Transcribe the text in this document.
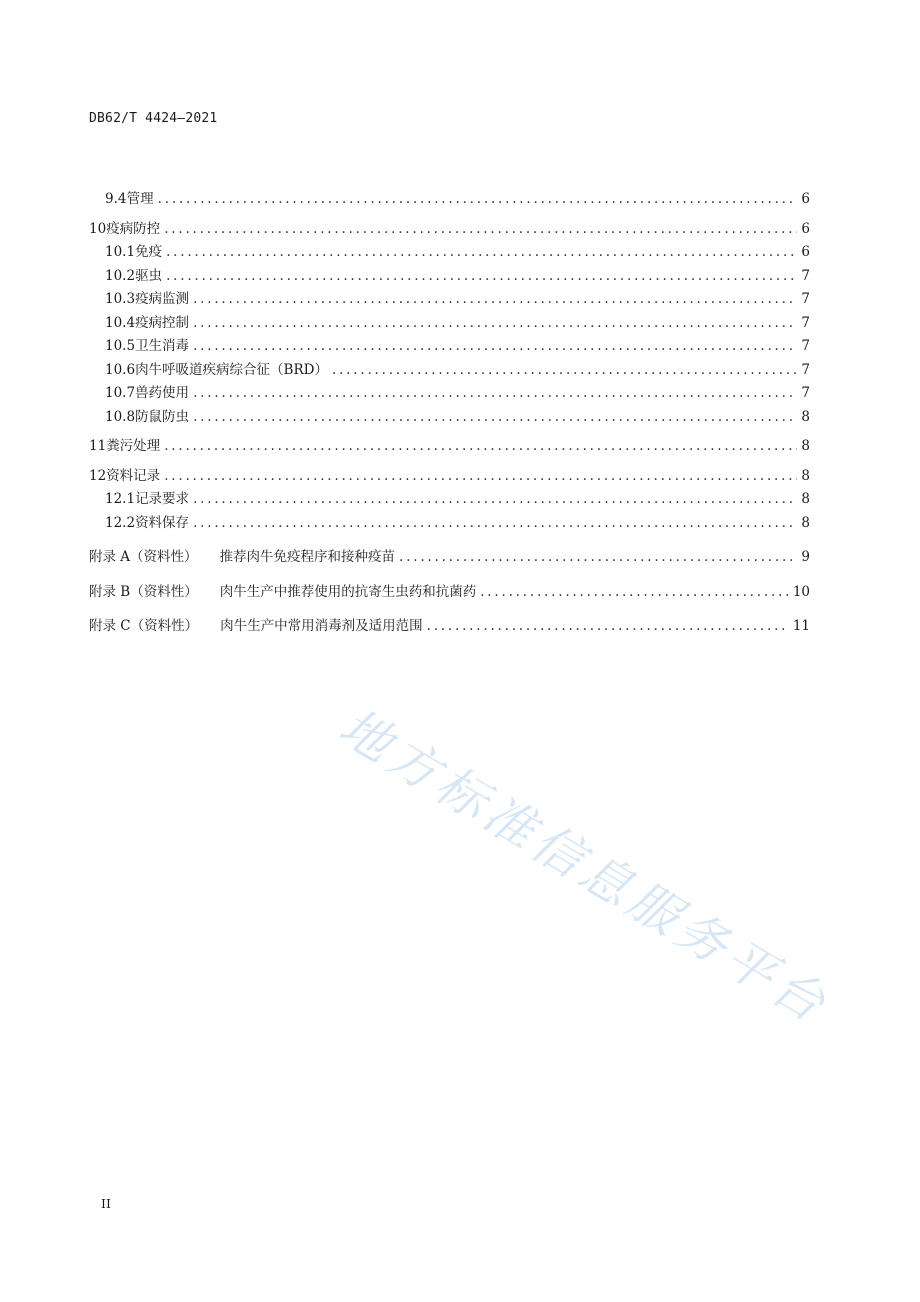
DB62/T 4424—2021
9.4 管理 .....	6
10 疫病防控 .....	6
10.1 免疫 .....	6
10.2 驱虫 .....	7
10.3 疫病监测 .....	7
10.4 疫病控制 .....	7
10.5 卫生消毒 .....	7
10.6 肉牛呼吸道疾病综合征（BRD） .....	7
10.7 兽药使用 .....	7
10.8 防鼠防虫 .....	8
11 粪污处理 .....	8
12 资料记录 .....	8
12.1 记录要求 .....	8
12.2 资料保存 .....	8
附录 A（资料性）	推荐肉牛免疫程序和接种疫苗 .....	9
附录 B（资料性）	肉牛生产中推荐使用的抗寄生虫药和抗菌药 .....	10
附录 C（资料性）	肉牛生产中常用消毒剂及适用范围 .....	11
地方标准信息服务平台
II
